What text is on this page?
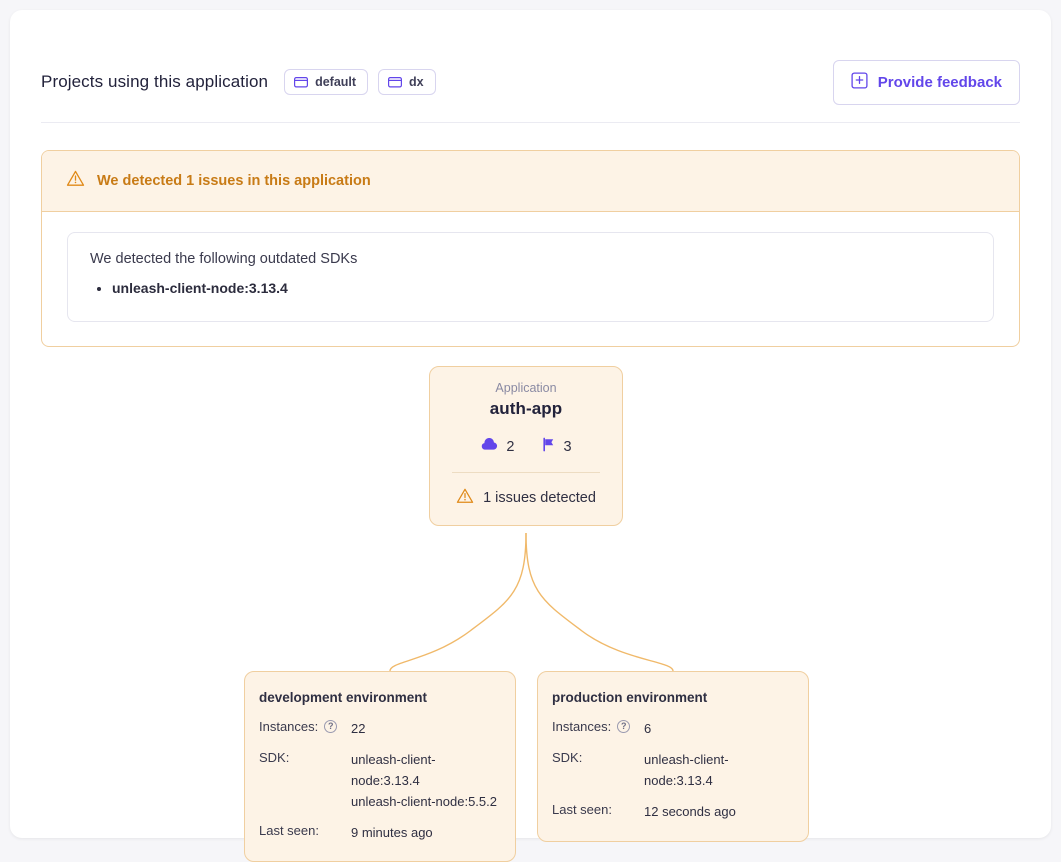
Projects using this application	default	dx	Provide feedback
We detected 1 issues in this application
We detected the following outdated SDKs
• unleash-client-node:3.13.4
Application
auth-app
2	3
1 issues detected
development environment
Instances:	? 22
SDK:	unleash-client-node:3.13.4
unleash-client-node:5.5.2
Last seen: 9 minutes ago
production environment
Instances:	? 6
SDK:	unleash-client-node:3.13.4
Last seen: 12 seconds ago
